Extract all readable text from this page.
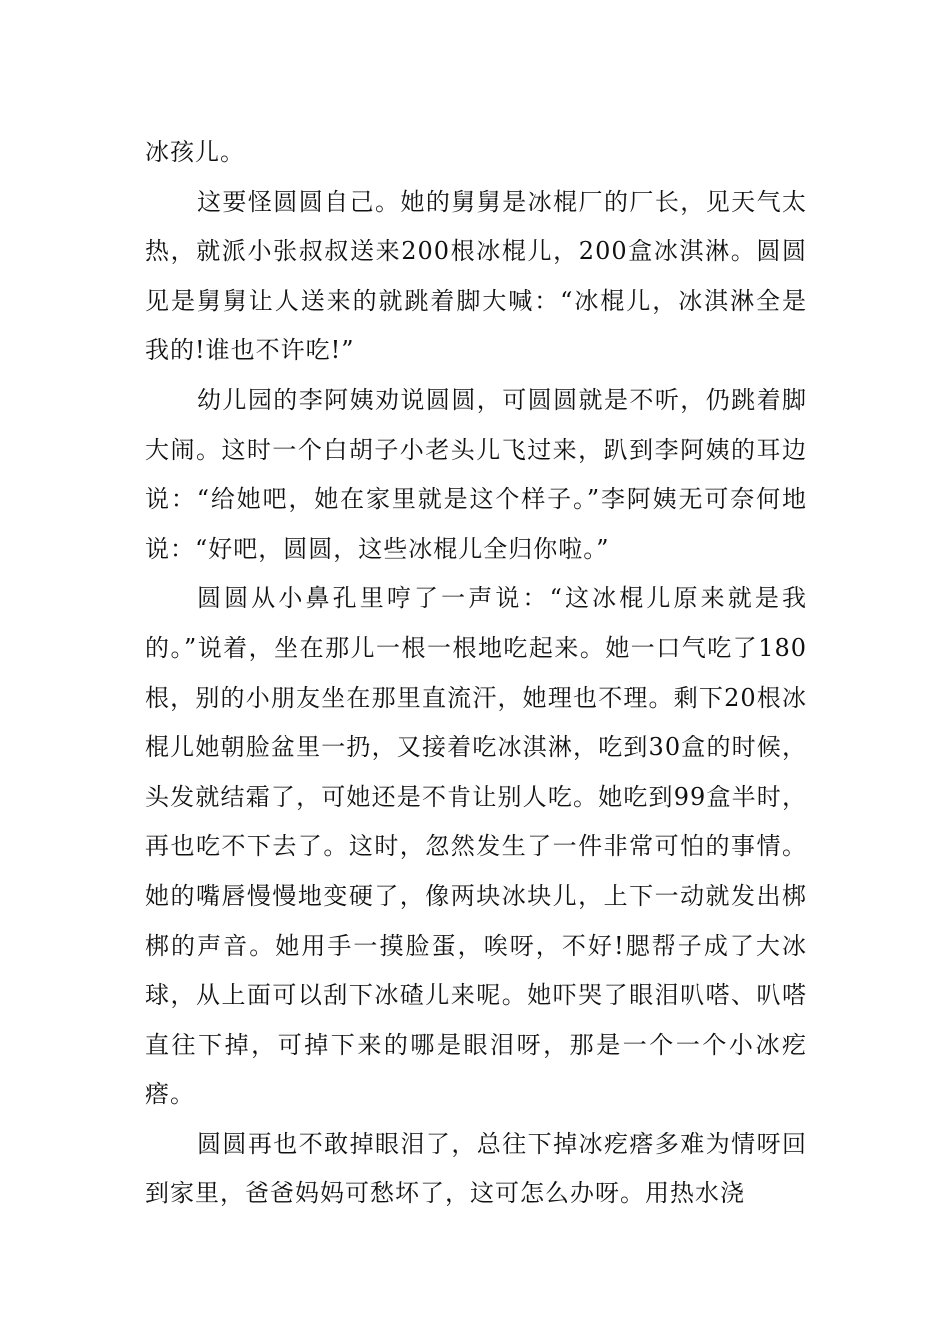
冰孩儿。

这要怪圆圆自己。她的舅舅是冰棍厂的厂长，见天气太热，就派小张叔叔送来200根冰棍儿，200盒冰淇淋。圆圆见是舅舅让人送来的就跳着脚大喊：“冰棍儿，冰淇淋全是我的!谁也不许吃!”

幼儿园的李阿姨劝说圆圆，可圆圆就是不听，仍跳着脚大闹。这时一个白胡子小老头儿飞过来，趴到李阿姨的耳边说：“给她吧，她在家里就是这个样子。”李阿姨无可奈何地说：“好吧，圆圆，这些冰棍儿全归你啦。”

圆圆从小鼻孔里哼了一声说：“这冰棍儿原来就是我的。”说着，坐在那儿一根一根地吃起来。她一口气吃了180根，别的小朋友坐在那里直流汗，她理也不理。剩下20根冰棍儿她朝脸盆里一扔，又接着吃冰淇淋，吃到30盒的时候，头发就结霜了，可她还是不肯让别人吃。她吃到99盒半时，再也吃不下去了。这时，忽然发生了一件非常可怕的事情。她的嘴唇慢慢地变硬了，像两块冰块儿，上下一动就发出梆梆的声音。她用手一摸脸蛋，唉呀，不好!腮帮子成了大冰球，从上面可以刮下冰碴儿来呢。她吓哭了眼泪叭嗒、叭嗒直往下掉，可掉下来的哪是眼泪呀，那是一个一个小冰疙瘩。

圆圆再也不敢掉眼泪了，总往下掉冰疙瘩多难为情呀回到家里，爸爸妈妈可愁坏了，这可怎么办呀。用热水浇
